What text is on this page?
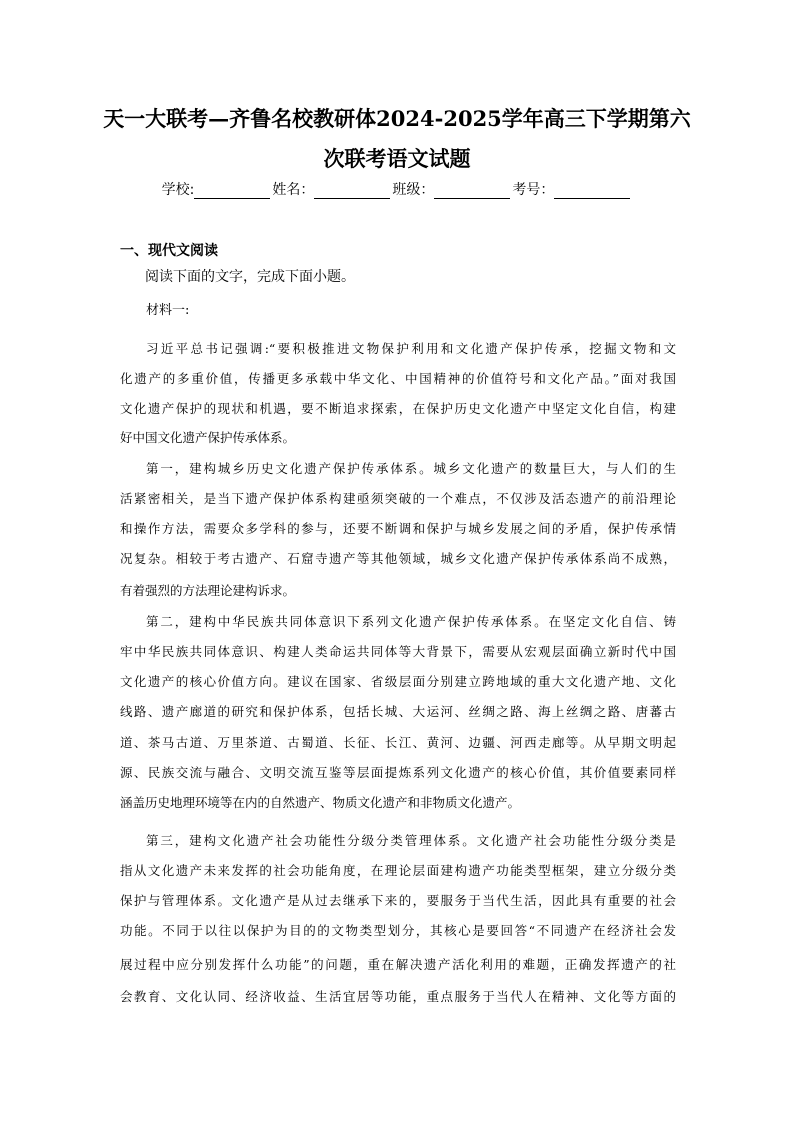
天一大联考—齐鲁名校教研体2024-2025学年高三下学期第六
次联考语文试题
学校:	姓名：	班级：	考号：
一、现代文阅读
阅读下面的文字，完成下面小题。
材料一:
习近平总书记强调:“要积极推进文物保护利用和文化遗产保护传承，挖掘文物和文
化遗产的多重价值，传播更多承载中华文化、中国精神的价值符号和文化产品。”面对我国
文化遗产保护的现状和机遇，要不断追求探索，在保护历史文化遗产中坚定文化自信，构建
好中国文化遗产保护传承体系。
第一，建构城乡历史文化遗产保护传承体系。城乡文化遗产的数量巨大，与人们的生
活紧密相关，是当下遗产保护体系构建亟须突破的一个难点，不仅涉及活态遗产的前沿理论
和操作方法，需要众多学科的参与，还要不断调和保护与城乡发展之间的矛盾，保护传承情
况复杂。相较于考古遗产、石窟寺遗产等其他领域，城乡文化遗产保护传承体系尚不成熟，
有着强烈的方法理论建构诉求。
第二，建构中华民族共同体意识下系列文化遗产保护传承体系。在坚定文化自信、铸
牢中华民族共同体意识、构建人类命运共同体等大背景下，需要从宏观层面确立新时代中国
文化遗产的核心价值方向。建议在国家、省级层面分别建立跨地域的重大文化遗产地、文化
线路、遗产廊道的研究和保护体系，包括长城、大运河、丝绸之路、海上丝绸之路、唐蕃古
道、茶马古道、万里茶道、古蜀道、长征、长江、黄河、边疆、河西走廊等。从早期文明起
源、民族交流与融合、文明交流互鉴等层面提炼系列文化遗产的核心价值，其价值要素同样
涵盖历史地理环境等在内的自然遗产、物质文化遗产和非物质文化遗产。
第三，建构文化遗产社会功能性分级分类管理体系。文化遗产社会功能性分级分类是
指从文化遗产未来发挥的社会功能角度，在理论层面建构遗产功能类型框架，建立分级分类
保护与管理体系。文化遗产是从过去继承下来的，要服务于当代生活，因此具有重要的社会
功能。不同于以往以保护为目的的文物类型划分，其核心是要回答“不同遗产在经济社会发
展过程中应分别发挥什么功能”的问题，重在解决遗产活化利用的难题，正确发挥遗产的社
会教育、文化认同、经济收益、生活宜居等功能，重点服务于当代人在精神、文化等方面的
